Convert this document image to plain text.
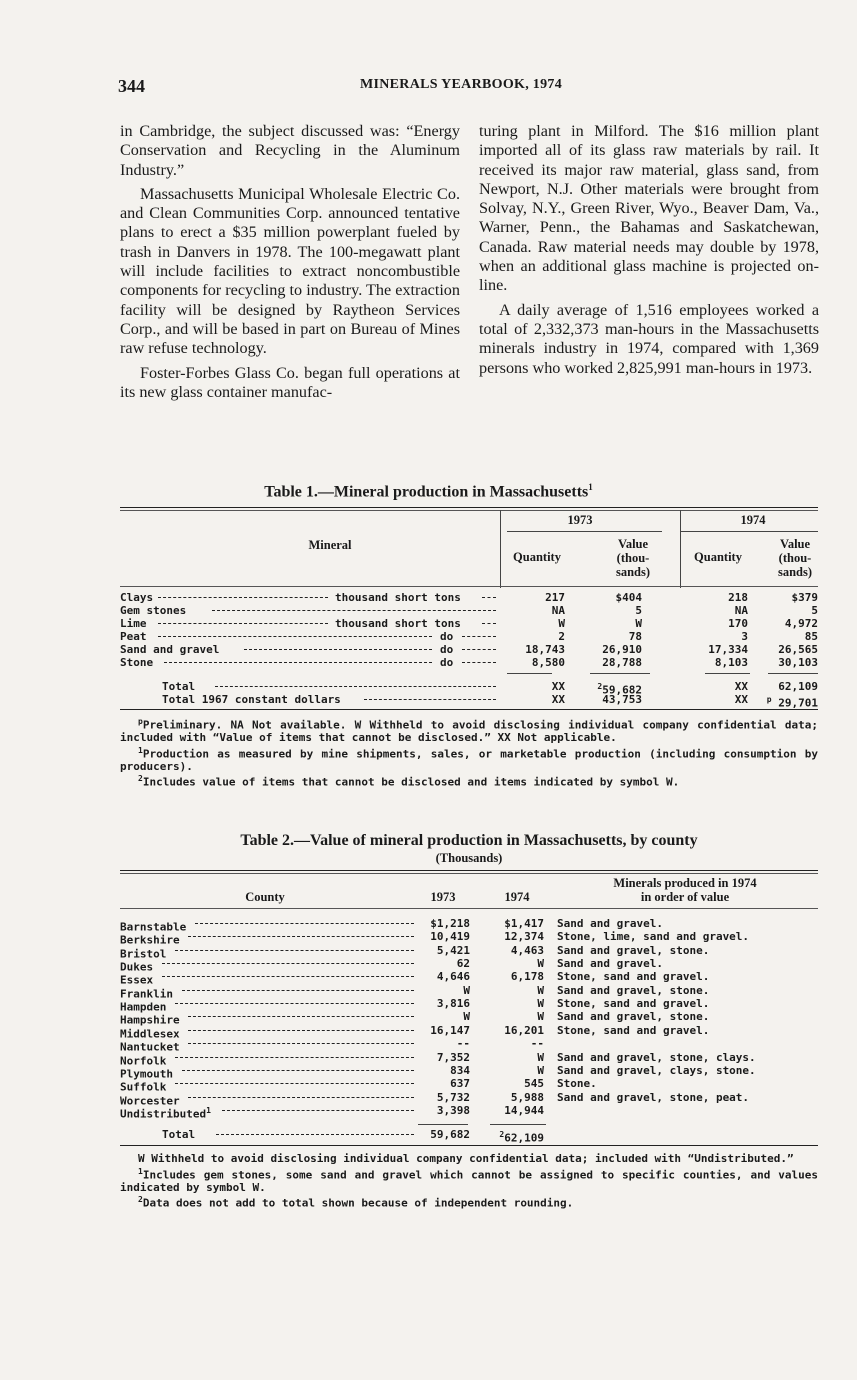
344	MINERALS YEARBOOK, 1974

in Cambridge, the subject discussed was: “Energy Conservation and Recycling in the Aluminum Industry.”

Massachusetts Municipal Wholesale Electric Co. and Clean Communities Corp. announced tentative plans to erect a $35 million powerplant fueled by trash in Danvers in 1978. The 100-megawatt plant will include facilities to extract noncombustible components for recycling to industry. The extraction facility will be designed by Raytheon Services Corp., and will be based in part on Bureau of Mines raw refuse technology.

Foster-Forbes Glass Co. began full operations at its new glass container manufac-

turing plant in Milford. The $16 million plant imported all of its glass raw materials by rail. It received its major raw material, glass sand, from Newport, N.J. Other materials were brought from Solvay, N.Y., Green River, Wyo., Beaver Dam, Va., Warner, Penn., the Bahamas and Saskatchewan, Canada. Raw material needs may double by 1978, when an additional glass machine is projected on-line.

A daily average of 1,516 employees worked a total of 2,332,373 man-hours in the Massachusetts minerals industry in 1974, compared with 1,369 persons who worked 2,825,991 man-hours in 1973.

Table 1.—Mineral production in Massachusetts$^1$
1973	1974
Mineral
Quantity
Value
(thou-
sands)
Quantity
Value
(thou-
sands)
Clays	thousand short tons	217	$404	218	$379
Gem stones	NA	5	NA	5
Lime	thousand short tons	W	W	170	4,972
Peat	do	2	78	3	85
Sand and gravel	do	18,743	26,910	17,334	26,565
Stone	do	8,580	28,788	8,103	30,103
Total	XX	$^2$59,682	XX	62,109
Total 1967 constant dollars	XX	43,753	XX	$^p$ 29,701

$^p$Preliminary. NA Not available. W Withheld to avoid disclosing individual company confidential data; included with “Value of items that cannot be disclosed.” XX Not applicable.

$^1$Production as measured by mine shipments, sales, or marketable production (including consumption by producers).

$^2$Includes value of items that cannot be disclosed and items indicated by symbol W.

Table 2.—Value of mineral production in Massachusetts, by county
(Thousands)
County	1973	1974
Minerals produced in 1974
in order of value
Barnstable	$1,218	$1,417 Sand and gravel.
Berkshire	10,419	12,374 Stone, lime, sand and gravel.
Bristol	5,421	4,463 Sand and gravel, stone.
Dukes	62	W Sand and gravel.
Essex	4,646	6,178 Stone, sand and gravel.
Franklin	W	W Sand and gravel, stone.
Hampden	3,816	W Stone, sand and gravel.
Hampshire	W	W Sand and gravel, stone.
Middlesex	16,147	16,201 Stone, sand and gravel.
Nantucket	--	--
Norfolk	7,352	W Sand and gravel, stone, clays.
Plymouth	834	W Sand and gravel, clays, stone.
Suffolk	637	545 Stone.
Worcester	5,732	5,988 Sand and gravel, stone, peat.
Undistributed$^1$	3,398	14,944
Total	59,682	$^2$62,109

W Withheld to avoid disclosing individual company confidential data; included with “Undistributed.”

$^1$Includes gem stones, some sand and gravel which cannot be assigned to specific counties, and values indicated by symbol W.

$^2$Data does not add to total shown because of independent rounding.
